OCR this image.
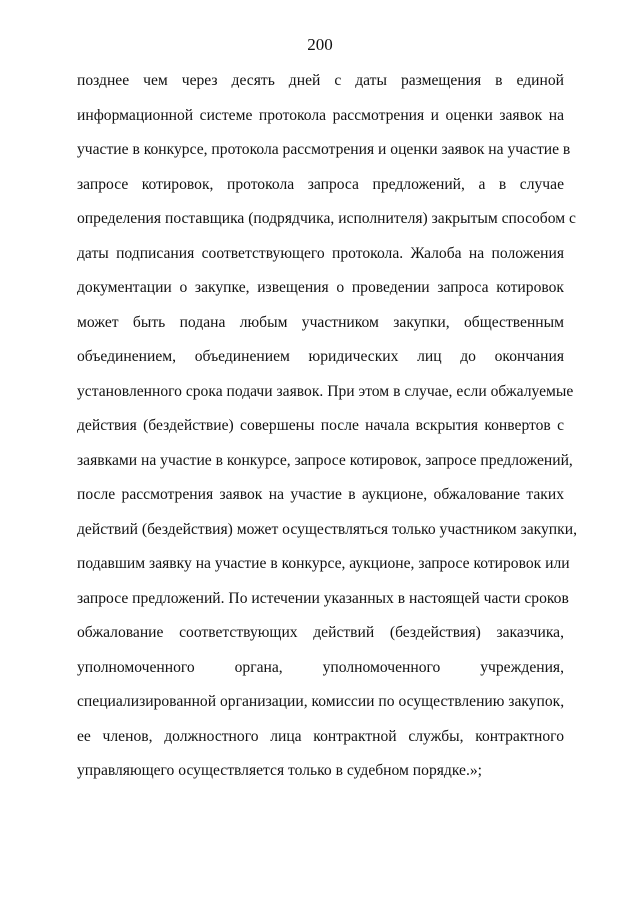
200
позднее чем через десять дней с даты размещения в единой
информационной системе протокола рассмотрения и оценки заявок на
участие в конкурсе, протокола рассмотрения и оценки заявок на участие в
запросе котировок, протокола запроса предложений, а в случае
определения поставщика (подрядчика, исполнителя) закрытым способом с
даты подписания соответствующего протокола. Жалоба на положения
документации о закупке, извещения о проведении запроса котировок
может быть подана любым участником закупки, общественным
объединением, объединением юридических лиц до окончания
установленного срока подачи заявок. При этом в случае, если обжалуемые
действия (бездействие) совершены после начала вскрытия конвертов с
заявками на участие в конкурсе, запросе котировок, запросе предложений,
после рассмотрения заявок на участие в аукционе, обжалование таких
действий (бездействия) может осуществляться только участником закупки,
подавшим заявку на участие в конкурсе, аукционе, запросе котировок или
запросе предложений. По истечении указанных в настоящей части сроков
обжалование соответствующих действий (бездействия) заказчика,
уполномоченного органа, уполномоченного учреждения,
специализированной организации, комиссии по осуществлению закупок,
ее членов, должностного лица контрактной службы, контрактного
управляющего осуществляется только в судебном порядке.»;
